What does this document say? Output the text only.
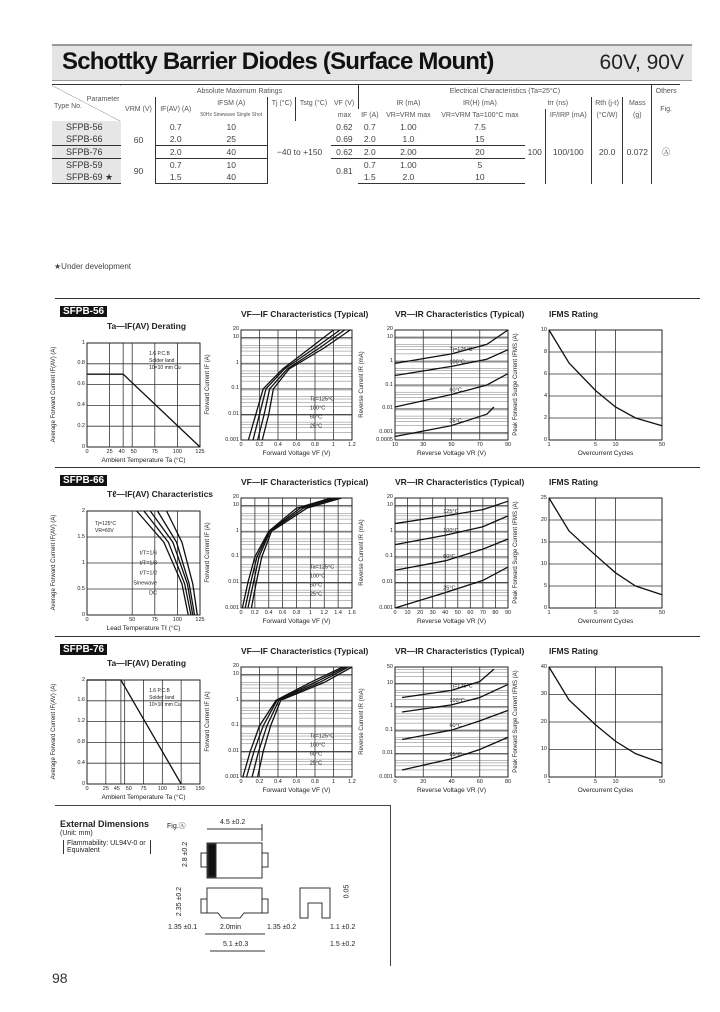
Schottky Barrier Diodes (Surface Mount)	60V, 90V
Parameter
Type No.	Absolute Maximum Ratings						Electrical Characteristics (Ta=25°C)							Others
	VRM (V)	IF(AV) (A)	IFSM (A)	Tj (°C)	Tstg (°C)	VF (V)		IR (mA)	IR(H) (mA)	trr (ns)		Rth (j-ℓ)	Mass	Fig.
			50Hz Sinewave Single Shot			max	IF (A)	VR=VRM max	VR=VRM Ta=100°C max		IF/IRP (mA)	(°C/W)	(g)	
SFPB-56	60	0.7	10	−40 to +150		0.62	0.7	1.00	7.5	100	100/100	20.0	0.072	Ⓐ
SFPB-66		2.0	25			0.69	2.0	1.0	15					
SFPB-76		2.0	40			0.62	2.0	2.00	20					
SFPB-59	90	0.7	10			0.81	0.7	1.00	5					
SFPB-69 ★		1.5	40				1.5	2.0	10					
★Under development
SFPB-56
SFPB-66
SFPB-76
Ta—IF(AV) Derating
Ambient Temperature Ta (°C)
Average Forward Current IF(AV) (A)	1.6 P.C.B
Solder land
10×10 mm Cu
0	25	40	50	75	100	125
0
0.2
0.4
0.6
0.8
1
VF—IF Characteristics (Typical)
Forward Voltage VF (V)
Forward Current IF (A)	Ta=125°C
100°C
60°C
25°C
0	0.2	0.4	0.6	0.8	1	1.2
0.001
0.01
0.1
1
10
20
VR—IR Characteristics (Typical)
Reverse Voltage VR (V)
Reverse Current IR (mA)
Tj=125°C
100°C
60°C
25°C
10	30	50	70	90
0.0005
0.001
0.01
0.1
1
10
20
IFMS Rating
Overcurrent Cycles
Peak Forward Surge Current IFMS (A)
1	5	10	50
0
2
4
6
8
10
Tℓ—IF(AV) Characteristics
Lead Temperature Tℓ (°C)
Average Forward Current IF(AV) (A)	t/T=1/6
t/T=1/3
t/T=1/2
Sinewave
DC
Tj=125°C
VR=60V
0	50	75	100	125
0
0.5
1
1.5
2
VF—IF Characteristics (Typical)
Forward Voltage VF (V)
Forward Current IF (A)	Ta=125°C
100°C
60°C
25°C
0	0.2	0.4	0.6	0.8	1	1.2	1.4	1.6
0.001
0.01
0.1
1
10
20
VR—IR Characteristics (Typical)
Reverse Voltage VR (V)
Reverse Current IR (mA)
125°C
100°C
60°C
25°C
0	10	20	30	40	50	60	70	80	90
0.001
0.01
0.1
1
10
20
IFMS Rating
Overcurrent Cycles
Peak Forward Surge Current IFMS (A)
1	5	10	50
0
5
10
15
20
25
Ta—IF(AV) Derating
Ambient Temperature Ta (°C)
Average Forward Current IF(AV) (A)	1.6 P.C.B
Solder land
10×10 mm Cu
0	25 45	50	75	100	125	150
0
0.4
0.8
1.2
1.6
2
VF—IF Characteristics (Typical)
Forward Voltage VF (V)
Forward Current IF (A)	Ta=125°C
100°C
60°C
25°C
0	0.2	0.4	0.6	0.8	1	1.2
0.001
0.01
0.1
1
10
20
VR—IR Characteristics (Typical)
Reverse Voltage VR (V)
Reverse Current IR (mA)
Tj=125°C
100°C
60°C
25°C
0	20	40	60	80
0.001
0.01
0.1
1
10
50
IFMS Rating
Overcurrent Cycles
Peak Forward Surge Current IFMS (A)
1	5	10	50
0
10
20
30
40
External Dimensions
(Unit: mm)
Flammability: UL94V-0 or Equivalent
Fig.Ⓐ
4.5 ±0.2
2.8 ±0.2
2.35 ±0.2
1.35 ±0.1	2.0min	1.35 ±0.2
5.1 ±0.3
0.05
1.1 ±0.2
1.5 ±0.2
98
